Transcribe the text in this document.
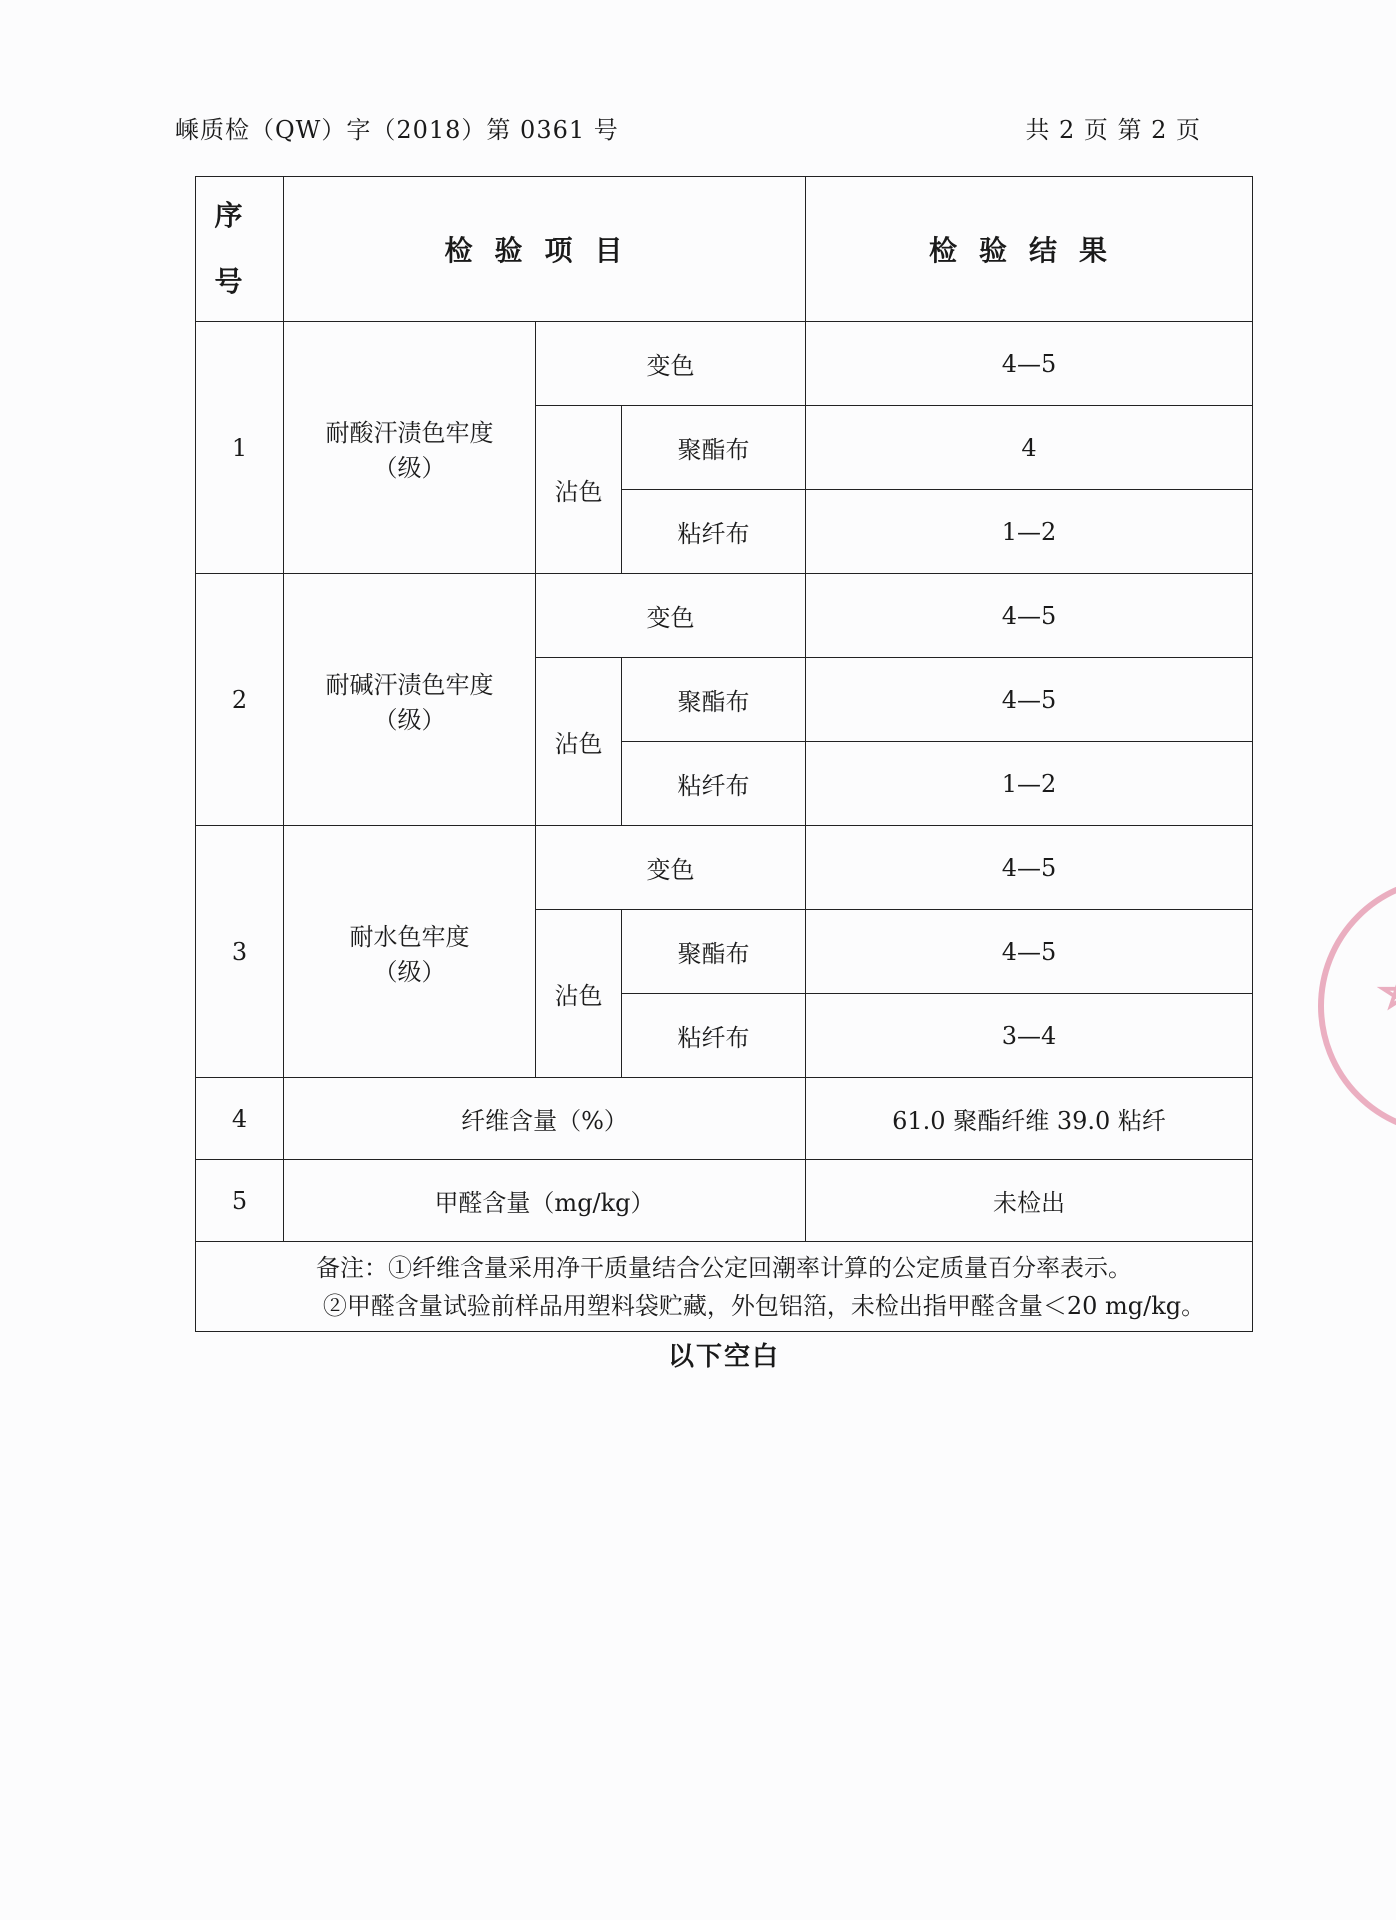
嵊质检（QW）字（2018）第 0361 号	共 2 页 第 2 页
序
号	检验项目			检验结果
1	耐酸汗渍色牢度
（级）	变色		4—5
		沾色	聚酯布	4
			粘纤布	1—2
2	耐碱汗渍色牢度
（级）	变色		4—5
		沾色	聚酯布	4—5
			粘纤布	1—2
3	耐水色牢度
（级）	变色		4—5
		沾色	聚酯布	4—5
			粘纤布	3—4
4	纤维含量（%）			61.0 聚酯纤维 39.0 粘纤
5	甲醛含量（mg/kg）			未检出
备注：①纤维含量采用净干质量结合公定回潮率计算的公定质量百分率表示。
②甲醛含量试验前样品用塑料袋贮藏，外包铝箔，未检出指甲醛含量＜20 mg/kg。				
以下空白
